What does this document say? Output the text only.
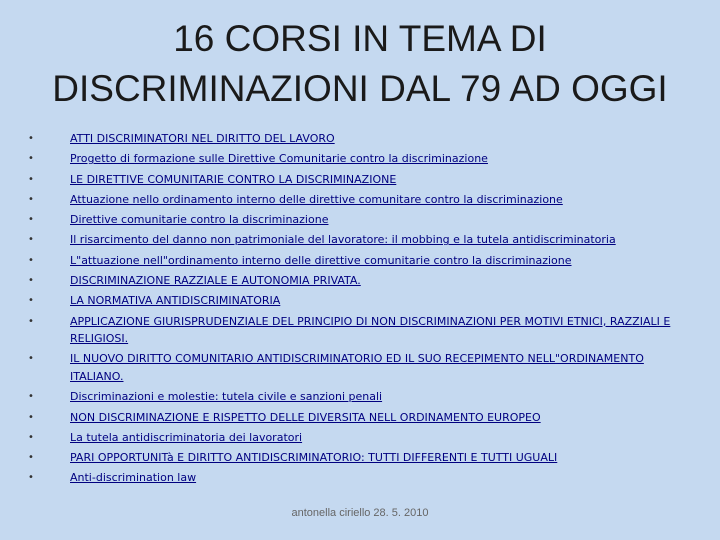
16 CORSI IN TEMA DI
DISCRIMINAZIONI DAL 79 AD OGGI
•	ATTI DISCRIMINATORI NEL DIRITTO DEL LAVORO
•	Progetto di formazione sulle Direttive Comunitarie contro la discriminazione
•	LE DIRETTIVE COMUNITARIE CONTRO LA DISCRIMINAZIONE
•	Attuazione nello ordinamento interno delle direttive comunitare contro la discriminazione
•	Direttive comunitarie contro la discriminazione
•	Il risarcimento del danno non patrimoniale del lavoratore: il mobbing e la tutela antidiscriminatoria
•	L"attuazione nell"ordinamento interno delle direttive comunitarie contro la discriminazione
•	DISCRIMINAZIONE RAZZIALE E AUTONOMIA PRIVATA.
•	LA NORMATIVA ANTIDISCRIMINATORIA
•	APPLICAZIONE GIURISPRUDENZIALE DEL PRINCIPIO DI NON DISCRIMINAZIONI PER MOTIVI ETNICI, RAZZIALI E RELIGIOSI.
•	IL NUOVO DIRITTO COMUNITARIO ANTIDISCRIMINATORIO ED IL SUO RECEPIMENTO NELL"ORDINAMENTO ITALIANO.
•	Discriminazioni e molestie: tutela civile e sanzioni penali
•	NON DISCRIMINAZIONE E RISPETTO DELLE DIVERSITA NELL ORDINAMENTO EUROPEO
•	La tutela antidiscriminatoria dei lavoratori
•	PARI OPPORTUNITà E DIRITTO ANTIDISCRIMINATORIO: TUTTI DIFFERENTI E TUTTI UGUALI
•	Anti-discrimination law
antonella ciriello 28. 5. 2010
